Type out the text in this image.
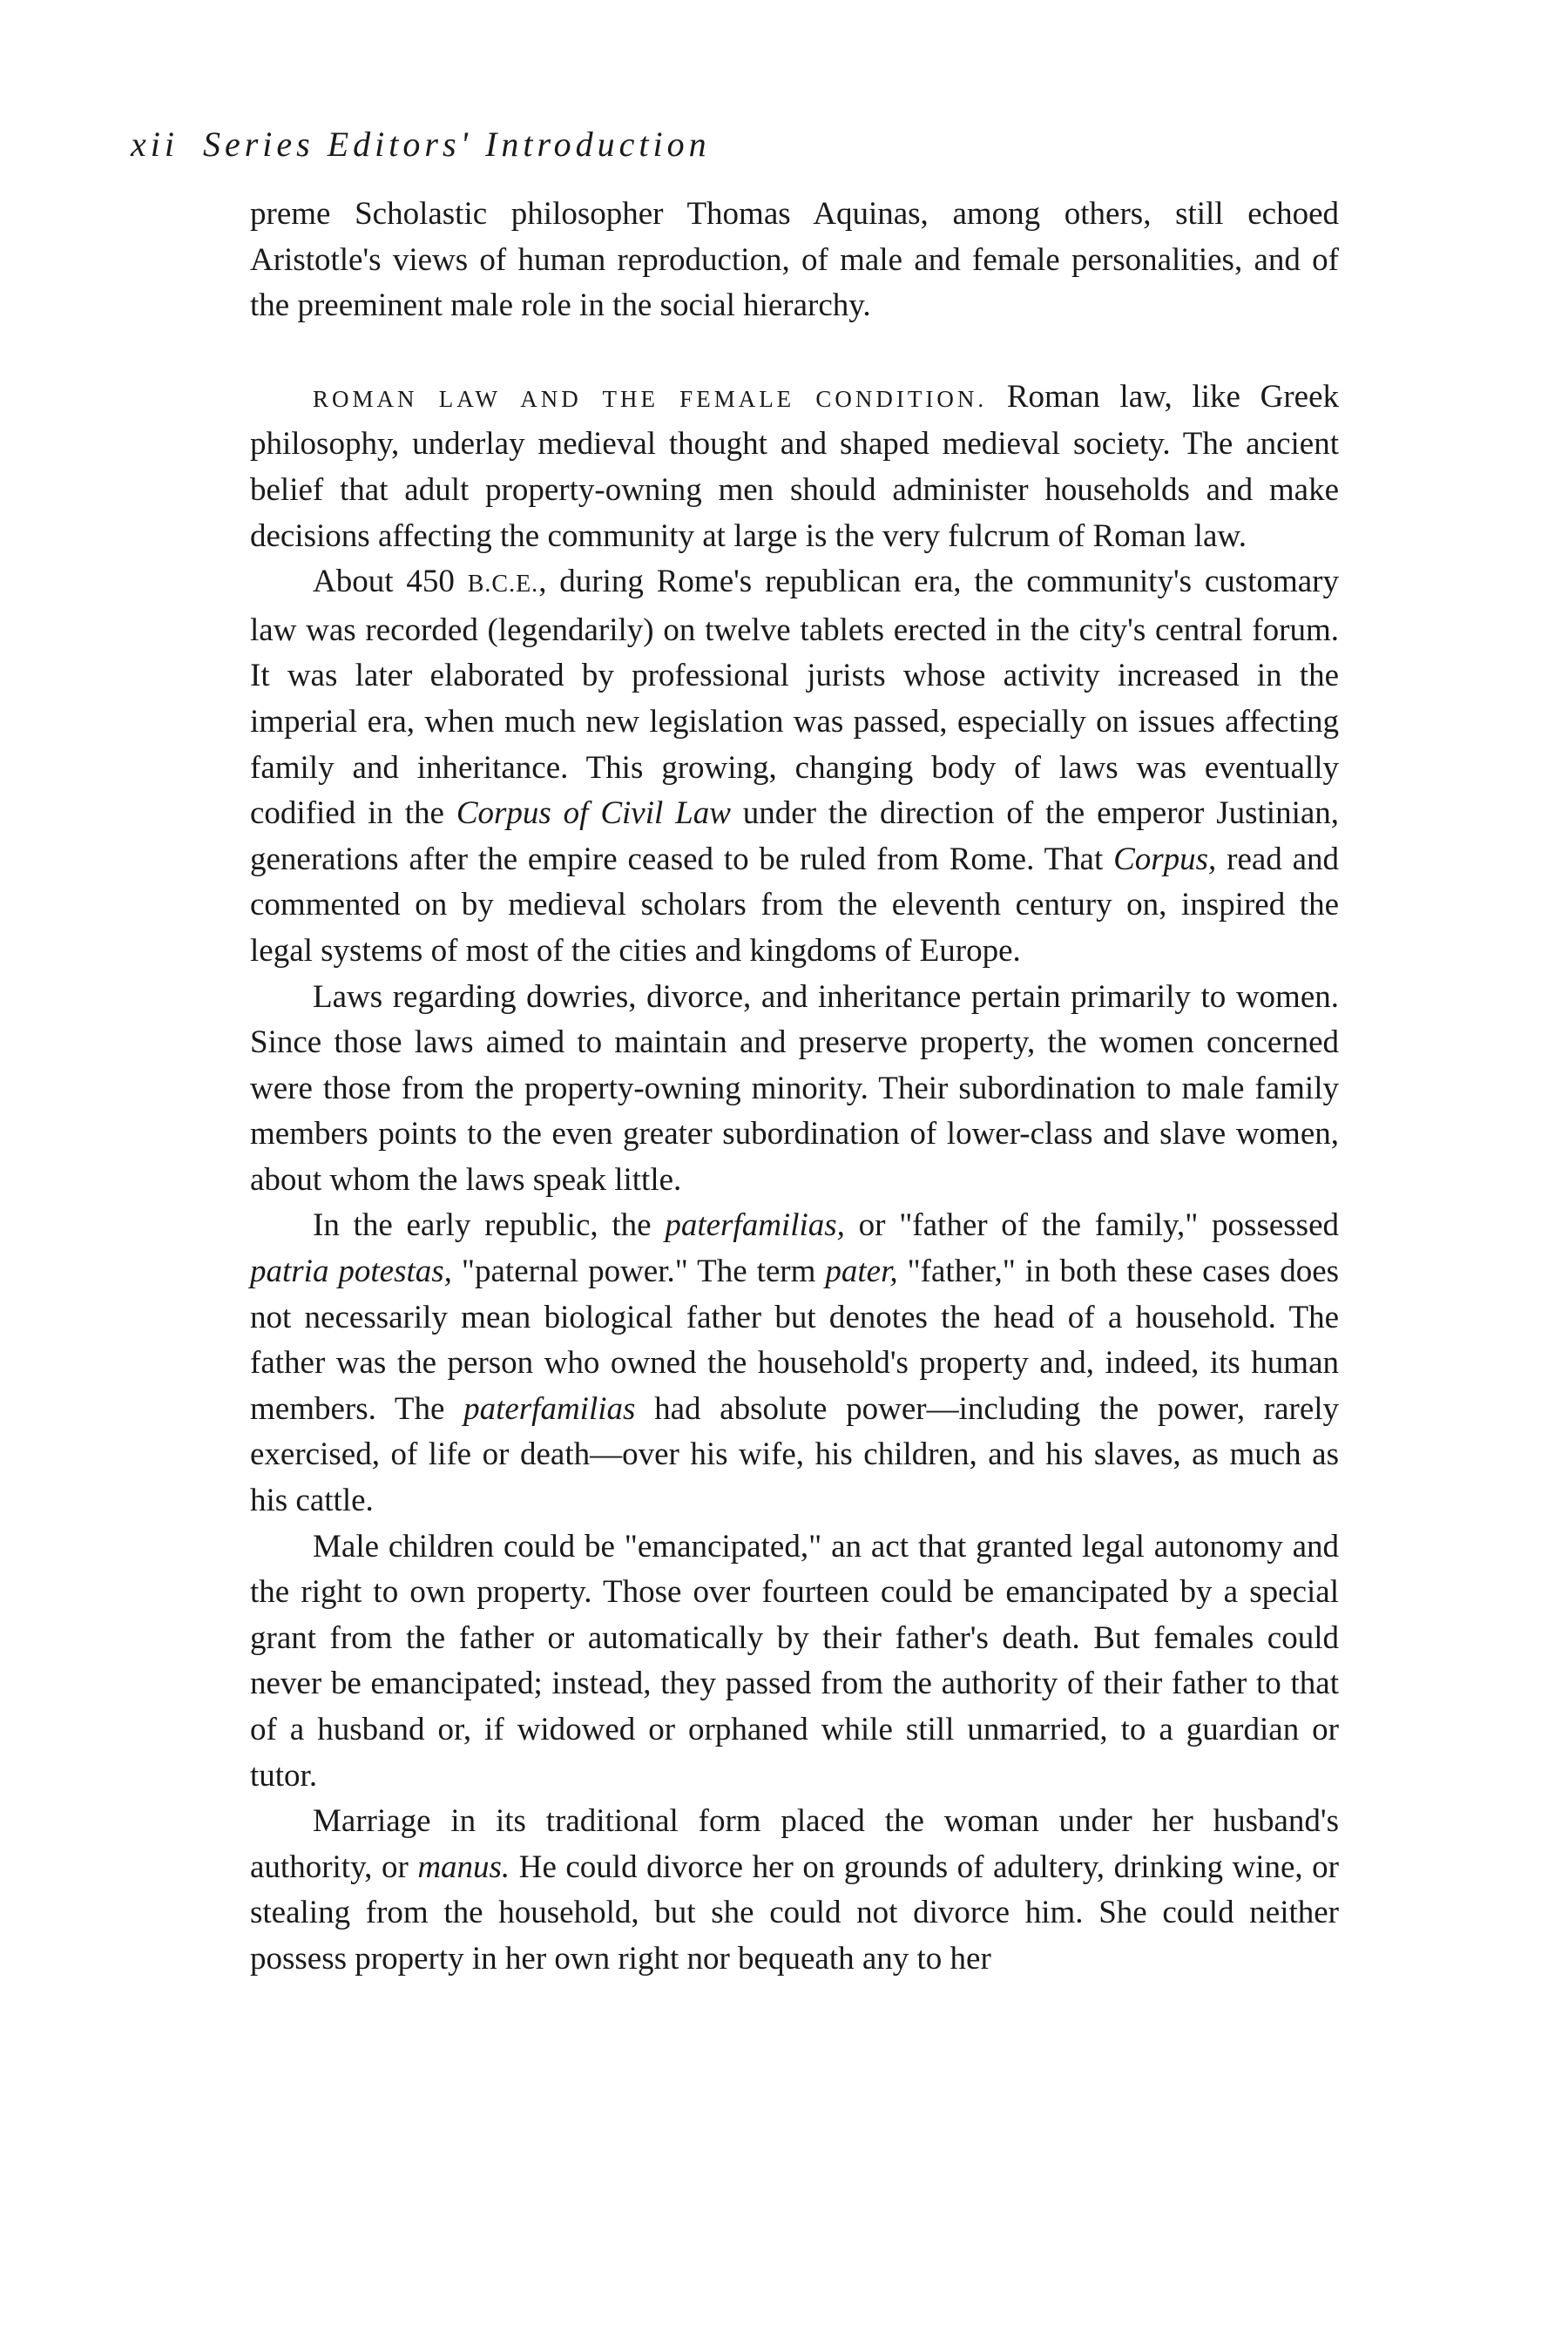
xii Series Editors' Introduction

preme Scholastic philosopher Thomas Aquinas, among others, still echoed Aristotle's views of human reproduction, of male and female personalities, and of the preeminent male role in the social hierarchy.

ROMAN LAW AND THE FEMALE CONDITION. Roman law, like Greek philosophy, underlay medieval thought and shaped medieval society. The ancient belief that adult property-owning men should administer households and make decisions affecting the community at large is the very fulcrum of Roman law.

About 450 B.C.E., during Rome's republican era, the community's customary law was recorded (legendarily) on twelve tablets erected in the city's central forum. It was later elaborated by professional jurists whose activity increased in the imperial era, when much new legislation was passed, especially on issues affecting family and inheritance. This growing, changing body of laws was eventually codified in the Corpus of Civil Law under the direction of the emperor Justinian, generations after the empire ceased to be ruled from Rome. That Corpus, read and commented on by medieval scholars from the eleventh century on, inspired the legal systems of most of the cities and kingdoms of Europe.

Laws regarding dowries, divorce, and inheritance pertain primarily to women. Since those laws aimed to maintain and preserve property, the women concerned were those from the property-owning minority. Their subordination to male family members points to the even greater subordination of lower-class and slave women, about whom the laws speak little.

In the early republic, the paterfamilias, or "father of the family," possessed patria potestas, "paternal power." The term pater, "father," in both these cases does not necessarily mean biological father but denotes the head of a household. The father was the person who owned the household's property and, indeed, its human members. The paterfamilias had absolute power—including the power, rarely exercised, of life or death—over his wife, his children, and his slaves, as much as his cattle.

Male children could be "emancipated," an act that granted legal autonomy and the right to own property. Those over fourteen could be emancipated by a special grant from the father or automatically by their father's death. But females could never be emancipated; instead, they passed from the authority of their father to that of a husband or, if widowed or orphaned while still unmarried, to a guardian or tutor.

Marriage in its traditional form placed the woman under her husband's authority, or manus. He could divorce her on grounds of adultery, drinking wine, or stealing from the household, but she could not divorce him. She could neither possess property in her own right nor bequeath any to her
